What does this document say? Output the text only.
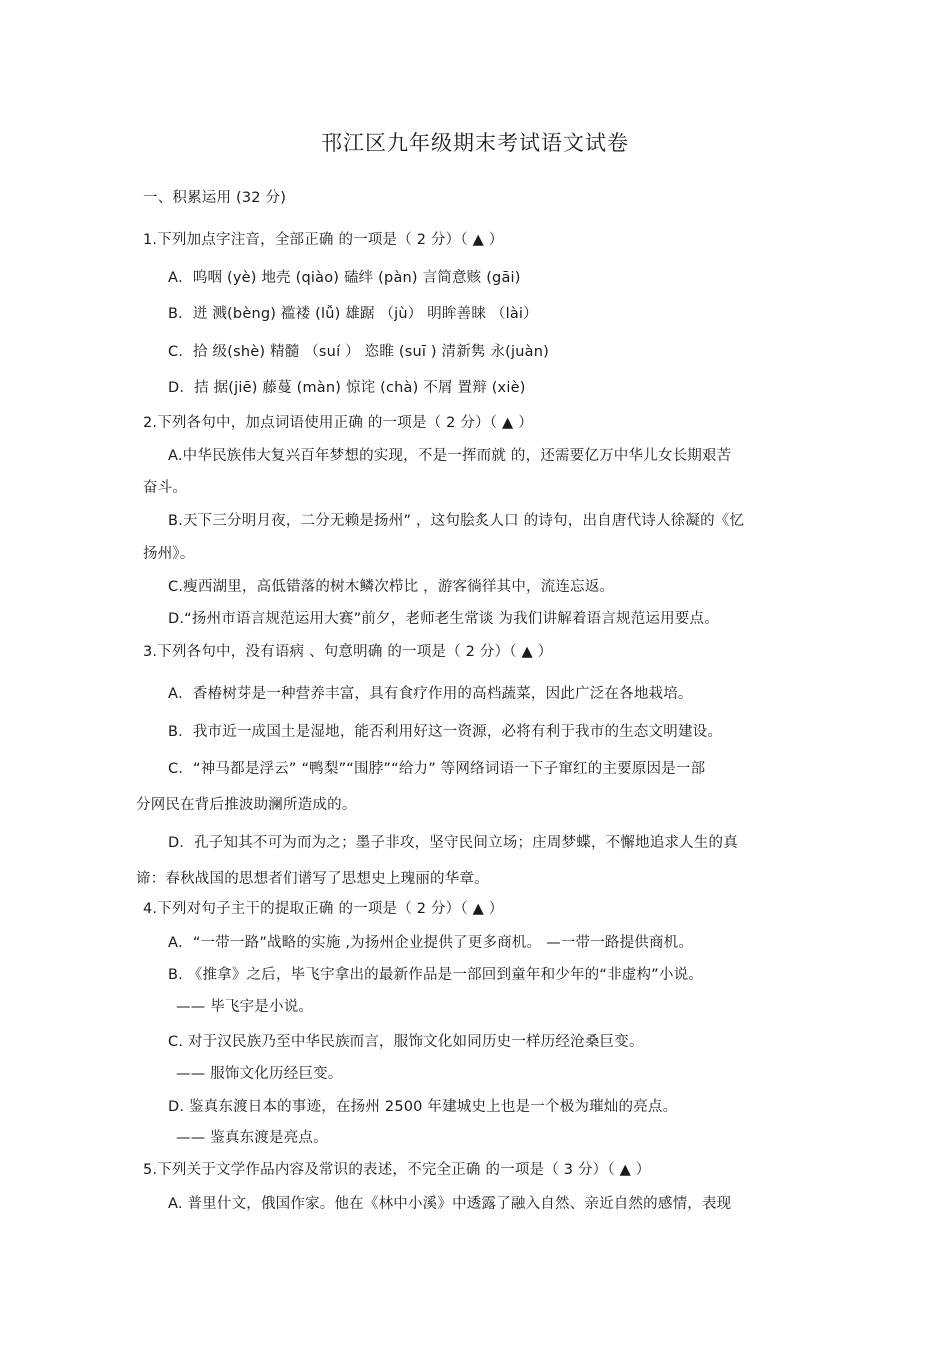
邗江区九年级期末考试语文试卷
一、积累运用 (32 分)
1.下列加点字注音，全部正确 的一项是（ 2 分）（ ▲ ）
A．呜咽 (yè) 地壳 (qiào) 磕绊 (pàn) 言简意赅 (gāi)
B．迸 溅(bèng) 褴褛 (lǚ) 雄踞 （jù） 明眸善睐 （lài）
C．拾 级(shè) 精髓 （suí ） 恣睢 (suī ) 清新隽 永(juàn)
D．拮 据(jiē) 藤蔓 (màn) 惊诧 (chà) 不屑 置辩 (xiè)
2.下列各句中，加点词语使用正确 的一项是（ 2 分）（ ▲ ）
A.中华民族伟大复兴百年梦想的实现，不是一挥而就 的，还需要亿万中华儿女长期艰苦
奋斗。
B.天下三分明月夜，二分无赖是扬州” ，这句脍炙人口 的诗句，出自唐代诗人徐凝的《忆
扬州》。
C.瘦西湖里，高低错落的树木鳞次栉比 ，游客徜徉其中，流连忘返。
D.“扬州市语言规范运用大赛”前夕，老师老生常谈 为我们讲解着语言规范运用要点。
3.下列各句中，没有语病 、句意明确 的一项是（ 2 分）（ ▲ ）
A．香椿树芽是一种营养丰富，具有食疗作用的高档蔬菜，因此广泛在各地栽培。
B．我市近一成国土是湿地，能否利用好这一资源，必将有利于我市的生态文明建设。
C．“神马都是浮云” “鸭梨”“围脖”“给力” 等网络词语一下子窜红的主要原因是一部
分网民在背后推波助澜所造成的。
D．孔子知其不可为而为之；墨子非攻，坚守民间立场；庄周梦蝶，不懈地追求人生的真
谛：春秋战国的思想者们谱写了思想史上瑰丽的华章。
4.下列对句子主干的提取正确 的一项是（ 2 分）（ ▲ ）
A．“一带一路”战略的实施 ,为扬州企业提供了更多商机。 —一带一路提供商机。
B. 《推拿》之后，毕飞宇拿出的最新作品是一部回到童年和少年的“非虚构”小说。
—— 毕飞宇是小说。
C. 对于汉民族乃至中华民族而言，服饰文化如同历史一样历经沧桑巨变。
—— 服饰文化历经巨变。
D. 鉴真东渡日本的事迹，在扬州 2500 年建城史上也是一个极为璀灿的亮点。
—— 鉴真东渡是亮点。
5.下列关于文学作品内容及常识的表述，不完全正确 的一项是（ 3 分）（ ▲ ）
A. 普里什文，俄国作家。他在《林中小溪》中透露了融入自然、亲近自然的感情，表现
